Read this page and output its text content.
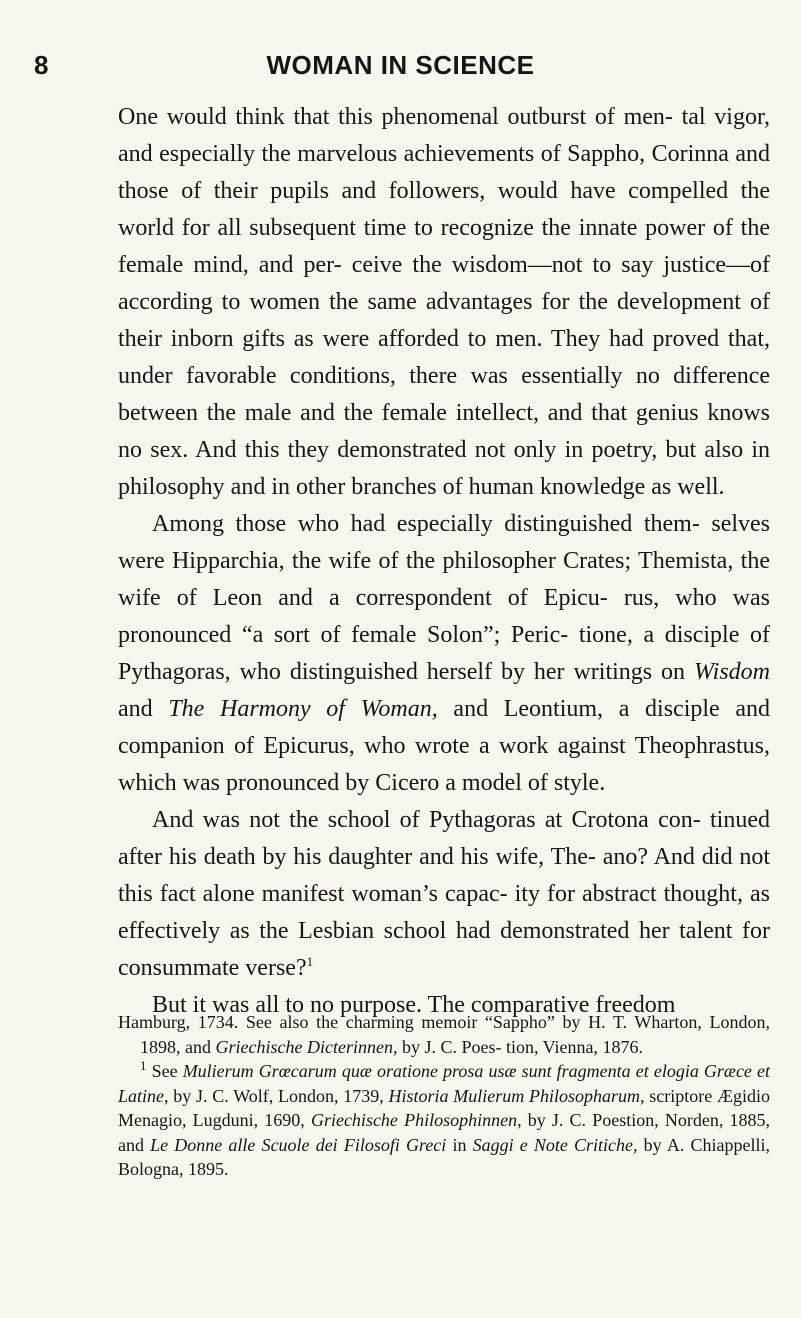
8	WOMAN IN SCIENCE

One would think that this phenomenal outburst of men- tal vigor, and especially the marvelous achievements of Sappho, Corinna and those of their pupils and followers, would have compelled the world for all subsequent time to recognize the innate power of the female mind, and per- ceive the wisdom—not to say justice—of according to women the same advantages for the development of their inborn gifts as were afforded to men. They had proved that, under favorable conditions, there was essentially no difference between the male and the female intellect, and that genius knows no sex. And this they demonstrated not only in poetry, but also in philosophy and in other branches of human knowledge as well.

Among those who had especially distinguished them- selves were Hipparchia, the wife of the philosopher Crates; Themista, the wife of Leon and a correspondent of Epicu- rus, who was pronounced “a sort of female Solon”; Peric- tione, a disciple of Pythagoras, who distinguished herself by her writings on Wisdom and The Harmony of Woman, and Leontium, a disciple and companion of Epicurus, who wrote a work against Theophrastus, which was pronounced by Cicero a model of style.

And was not the school of Pythagoras at Crotona con- tinued after his death by his daughter and his wife, The- ano? And did not this fact alone manifest woman’s capac- ity for abstract thought, as effectively as the Lesbian school had demonstrated her talent for consummate verse?$^1$

But it was all to no purpose. The comparative freedom

Hamburg, 1734. See also the charming memoir “Sappho” by H. T. Wharton, London, 1898, and Griechische Dicterinnen, by J. C. Poes- tion, Vienna, 1876.

$^1$ See Mulierum Grœcarum quæ oratione prosa usæ sunt fragmenta et elogia Græce et Latine, by J. C. Wolf, London, 1739, Historia Mulierum Philosopharum, scriptore Ægidio Menagio, Lugduni, 1690, Griechische Philosophinnen, by J. C. Poestion, Norden, 1885, and Le Donne alle Scuole dei Filosofi Greci in Saggi e Note Critiche, by A. Chiappelli, Bologna, 1895.
